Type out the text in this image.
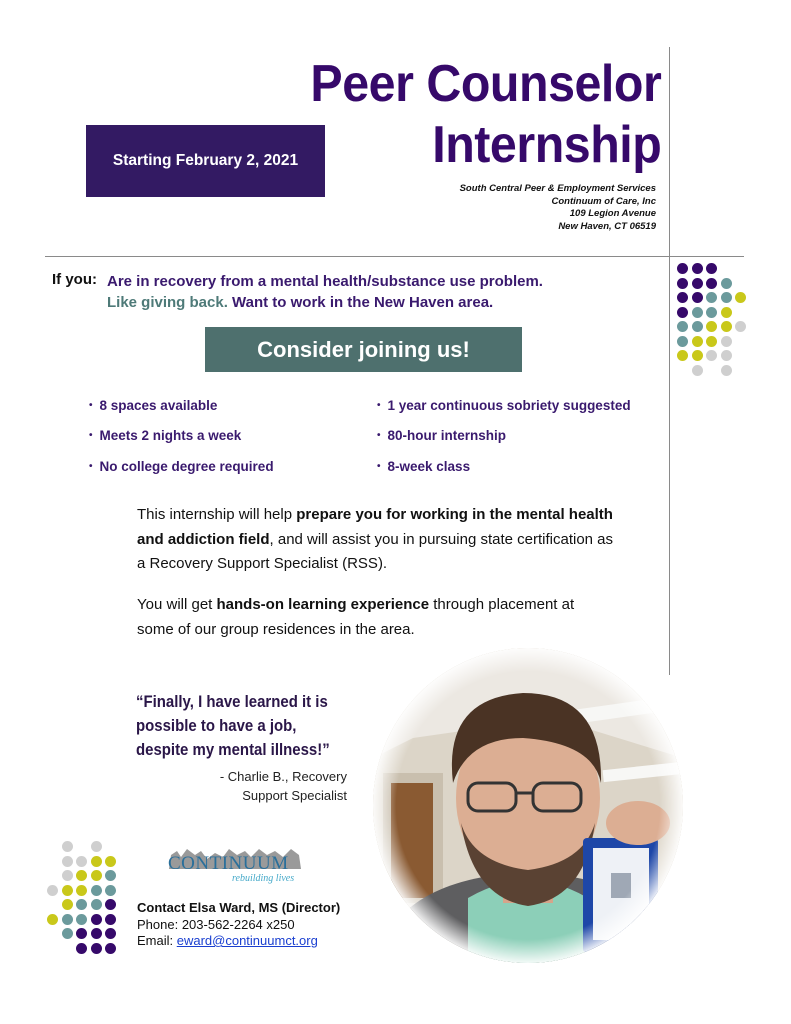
Peer Counselor
Internship
Starting February 2, 2021
South Central Peer & Employment Services
Continuum of Care, Inc
109 Legion Avenue
New Haven, CT 06519
If you: Are in recovery from a mental health/substance use problem.
Like giving back. Want to work in the New Haven area.
Consider joining us!
• 8 spaces available
• Meets 2 nights a week
• No college degree required
• 1 year continuous sobriety suggested
• 80-hour internship
• 8-week class
This internship will help prepare you for working in the mental health and addiction field, and will assist you in pursuing state certification as a Recovery Support Specialist (RSS).
You will get hands-on learning experience through placement at some of our group residences in the area.
“Finally, I have learned it is possible to have a job, despite my mental illness!”
- Charlie B., Recovery
Support Specialist
CONTINUUM
rebuilding lives
Contact Elsa Ward, MS (Director)
Phone: 203-562-2264 x250
Email: eward@continuumct.org
